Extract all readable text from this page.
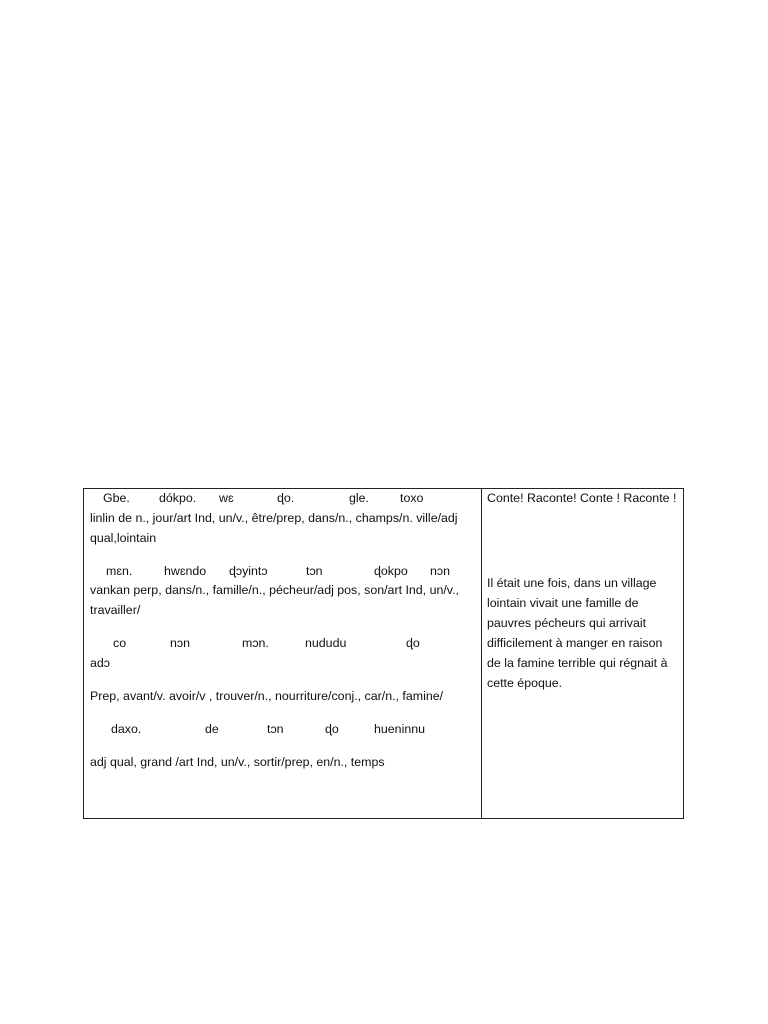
Gbe. dókpo. wɛ	ɖo.	gle.	toxo
linlin de n., jour/art Ind, un/v., être/prep, dans/n., champs/n. ville/adj qual,lointain
mɛn.	hwɛndo ɖɔyintɔ	tɔn	ɖokpo nɔn
vankan perp, dans/n., famille/n., pécheur/adj pos, son/art Ind, un/v., travailler/
co	nɔn	mɔn.	nududu	ɖo
adɔ
Prep, avant/v. avoir/v , trouver/n., nourriture/conj., car/n., famine/
daxo.	de	tɔn	ɖo	hueninnu
adj qual, grand /art Ind, un/v., sortir/prep, en/n., temps
Conte! Raconte! Conte ! Raconte !
Il était une fois, dans un village lointain vivait une famille de pauvres pécheurs qui arrivait difficilement à manger en raison de la famine terrible qui régnait à cette époque.
